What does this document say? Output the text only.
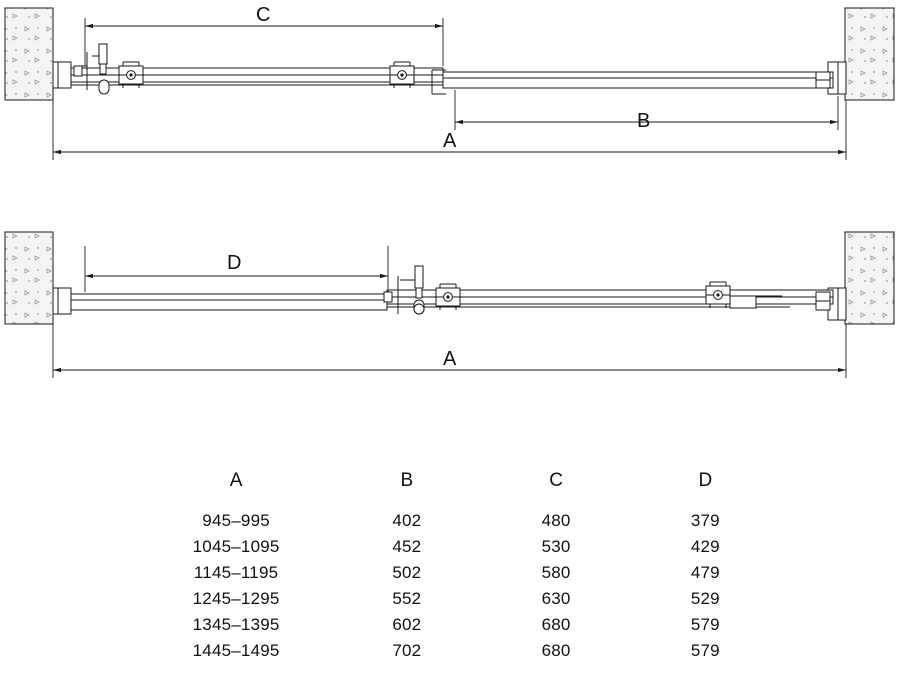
C
B
A
D
A
A	B	C	D
945–995	402	480	379
1045–1095	452	530	429
1145–1195	502	580	479
1245–1295	552	630	529
1345–1395	602	680	579
1445–1495	702	680	579
